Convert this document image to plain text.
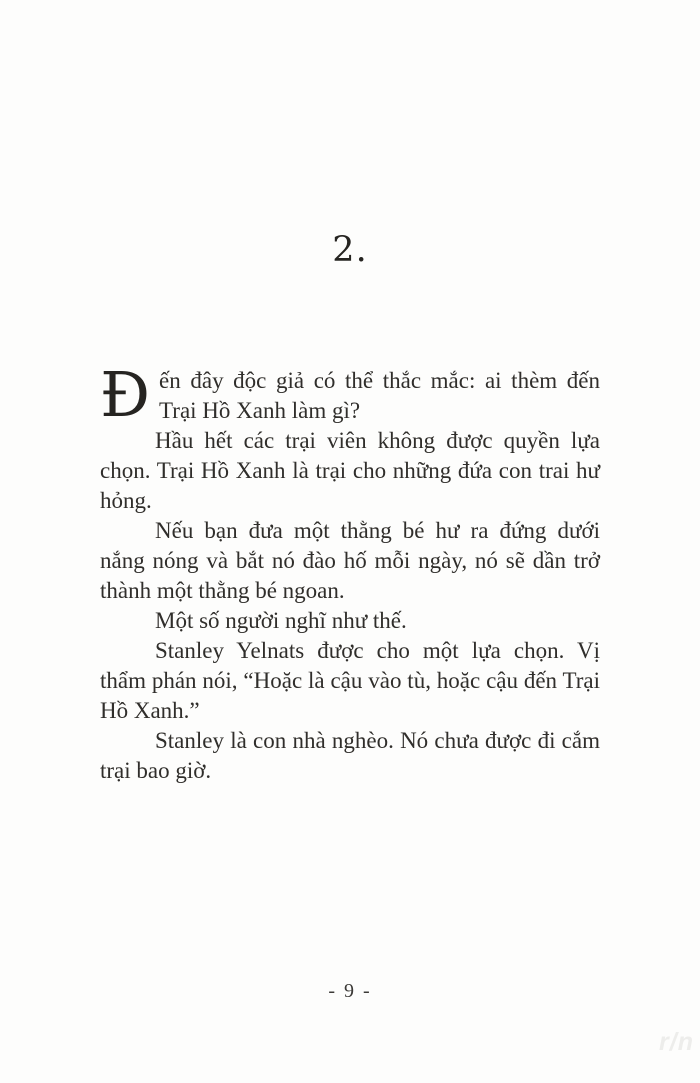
2.

Đến đây độc giả có thể thắc mắc: ai thèm đến Trại Hồ Xanh làm gì?

Hầu hết các trại viên không được quyền lựa chọn. Trại Hồ Xanh là trại cho những đứa con trai hư hỏng.

Nếu bạn đưa một thằng bé hư ra đứng dưới nắng nóng và bắt nó đào hố mỗi ngày, nó sẽ dần trở thành một thằng bé ngoan.

Một số người nghĩ như thế.

Stanley Yelnats được cho một lựa chọn. Vị thẩm phán nói, “Hoặc là cậu vào tù, hoặc cậu đến Trại Hồ Xanh.”

Stanley là con nhà nghèo. Nó chưa được đi cắm trại bao giờ.

- 9 -
r/n
